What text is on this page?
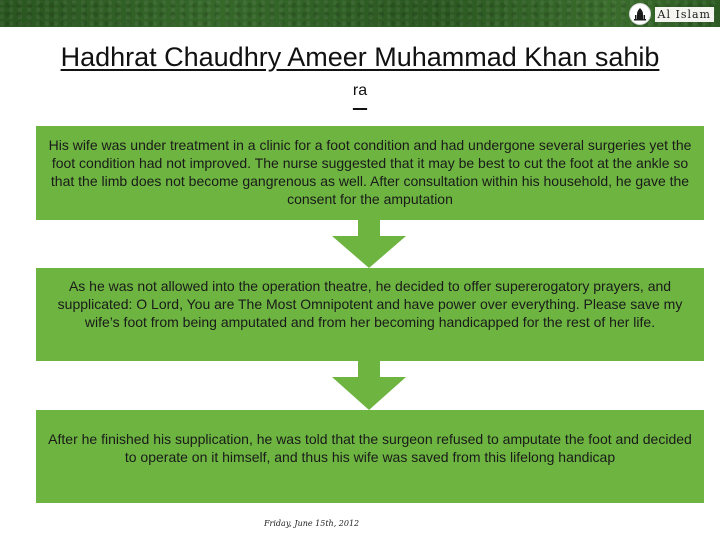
Al Islam
Hadhrat Chaudhry Ameer Muhammad Khan sahib $^{ra}$
His wife was under treatment in a clinic for a foot condition and had undergone several surgeries yet the foot condition had not improved. The nurse suggested that it may be best to cut the foot at the ankle so that the limb does not become gangrenous as well. After consultation within his household, he gave the consent for the amputation
As he was not allowed into the operation theatre, he decided to offer supererogatory prayers, and supplicated: O Lord, You are The Most Omnipotent and have power over everything. Please save my wife’s foot from being amputated and from her becoming handicapped for the rest of her life.
After he finished his supplication, he was told that the surgeon refused to amputate the foot and decided to operate on it himself, and thus his wife was saved from this lifelong handicap
Friday, June 15th, 2012
